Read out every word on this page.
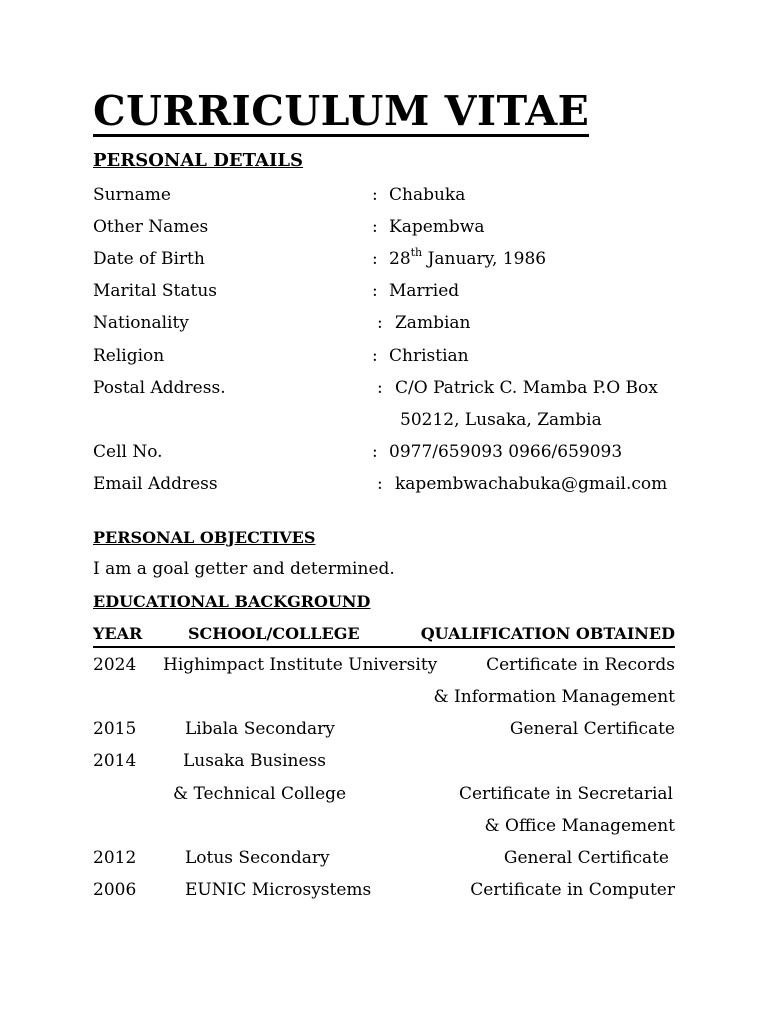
CURRICULUM VITAE
PERSONAL DETAILS
Surname	: Chabuka
Other Names	: Kapembwa
Date of Birth	: 28th January, 1986
Marital Status	: Married
Nationality	: Zambian
Religion	: Christian
Postal Address.	: C/O Patrick C. Mamba P.O Box
50212, Lusaka, Zambia
Cell No.	: 0977/659093 0966/659093
Email Address	: kapembwachabuka@gmail.com
PERSONAL OBJECTIVES
I am a goal getter and determined.
EDUCATIONAL BACKGROUND
YEAR	SCHOOL/COLLEGE	QUALIFICATION OBTAINED
2024 Highimpact Institute University	Certificate in Records
& Information Management
2015	Libala Secondary	General Certificate
2014	Lusaka Business
& Technical College	Certificate in Secretarial
& Office Management
2012	Lotus Secondary	General Certificate
2006	EUNIC Microsystems	Certificate in Computer
